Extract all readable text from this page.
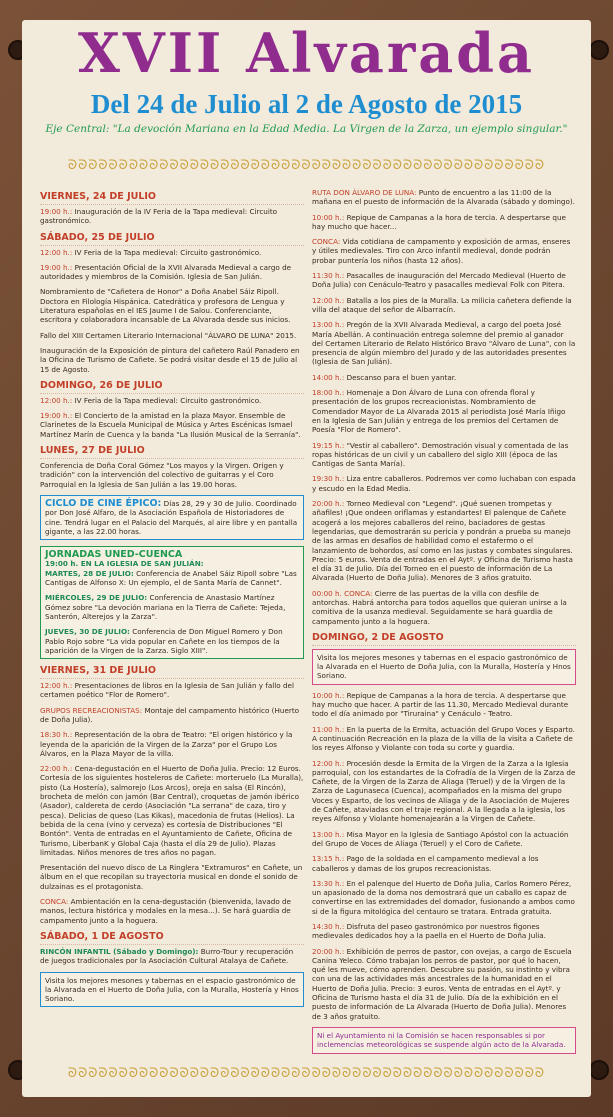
XVII Alvarada
Del 24 de Julio al 2 de Agosto de 2015
Eje Central: "La devoción Mariana en la Edad Media. La Virgen de la Zarza, un ejemplo singular."
ᘐᘐᘐᘐᘐᘐᘐᘐᘐᘐᘐᘐᘐᘐᘐᘐᘐᘐᘐᘐᘐᘐᘐᘐᘐᘐᘐᘐᘐᘐᘐᘐᘐᘐᘐᘐᘐᘐᘐᘐᘐᘐᘐᘐᘐᘐᘐ
VIERNES, 24 DE JULIO
19:00 h.: Inauguración de la IV Feria de la Tapa medieval: Circuito gastronómico.
SÁBADO, 25 DE JULIO
12:00 h.: IV Feria de la Tapa medieval: Circuito gastronómico.
19:00 h.: Presentación Oficial de la XVII Alvarada Medieval a cargo de autoridades y miembros de la Comisión. Iglesia de San Julián.
Nombramiento de "Cañetera de Honor" a Doña Anabel Sáiz Ripoll. Doctora en Filología Hispánica. Catedrática y profesora de Lengua y Literatura españolas en el IES Jaume I de Salou. Conferenciante, escritora y colaboradora incansable de La Alvarada desde sus inicios.
Fallo del XIII Certamen Literario Internacional "ÁLVARO DE LUNA" 2015.
Inauguración de la Exposición de pintura del cañetero Raúl Panadero en la Oficina de Turismo de Cañete. Se podrá visitar desde el 15 de Julio al 15 de Agosto.
DOMINGO, 26 DE JULIO
12:00 h.: IV Feria de la Tapa medieval: Circuito gastronómico.
19:00 h.: El Concierto de la amistad en la plaza Mayor. Ensemble de Clarinetes de la Escuela Municipal de Música y Artes Escénicas Ismael Martínez Marín de Cuenca y la banda "La Ilusión Musical de la Serranía".
LUNES, 27 DE JULIO
Conferencia de Doña Coral Gómez "Los mayos y la Virgen. Origen y tradición" con la intervención del colectivo de guitarras y el Coro Parroquial en la Iglesia de San Julián a las 19.00 horas.
CICLO DE CINE ÉPICO: Días 28, 29 y 30 de Julio. Coordinado por Don José Alfaro, de la Asociación Española de Historiadores de cine. Tendrá lugar en el Palacio del Marqués, al aire libre y en pantalla gigante, a las 22.00 horas.
JORNADAS UNED-CUENCA
19:00 h. EN LA IGLESIA DE SAN JULIÁN:
MARTES, 28 DE JULIO: Conferencia de Anabel Sáiz Ripoll sobre "Las Cantigas de Alfonso X: Un ejemplo, el de Santa María de Cannet".
MIÉRCOLES, 29 DE JULIO: Conferencia de Anastasio Martínez Gómez sobre "La devoción mariana en la Tierra de Cañete: Tejeda, Santerón, Alterejos y la Zarza".
JUEVES, 30 DE JULIO: Conferencia de Don Miguel Romero y Don Pablo Rojo sobre "La vida popular en Cañete en los tiempos de la aparición de la Virgen de la Zarza. Siglo XIII".
VIERNES, 31 DE JULIO
12:00 h.: Presentaciones de libros en la Iglesia de San Julián y fallo del certamen poético "Flor de Romero".
GRUPOS RECREACIONISTAS: Montaje del campamento histórico (Huerto de Doña Julia).
18:30 h.: Representación de la obra de Teatro: "El origen histórico y la leyenda de la aparición de la Virgen de la Zarza" por el Grupo Los Álvaros, en la Plaza Mayor de la villa.
22:00 h.: Cena-degustación en el Huerto de Doña Julia. Precio: 12 Euros. Cortesía de los siguientes hosteleros de Cañete: morteruelo (La Muralla), pisto (La Hostería), salmorejo (Los Arcos), oreja en salsa (El Rincón), brocheta de melón con jamón (Bar Central), croquetas de jamón ibérico (Asador), caldereta de cerdo (Asociación "La serrana" de caza, tiro y pesca). Delicias de queso (Las Kikas), macedonia de frutas (Helios). La bebida de la cena (vino y cerveza) es cortesía de Distribuciones "El Bontón". Venta de entradas en el Ayuntamiento de Cañete, Oficina de Turismo, LiberbanK y Global Caja (hasta el día 29 de Julio). Plazas limitadas. Niños menores de tres años no pagan.
Presentación del nuevo disco de La Ringlera "Extramuros" en Cañete, un álbum en el que recopilan su trayectoria musical en donde el sonido de dulzainas es el protagonista.
CONCA: Ambientación en la cena-degustación (bienvenida, lavado de manos, lectura histórica y modales en la mesa...). Se hará guardia de campamento junto a la hoguera.
SÁBADO, 1 DE AGOSTO
RINCÓN INFANTIL (Sábado y Domingo): Burro-Tour y recuperación de juegos tradicionales por la Asociación Cultural Atalaya de Cañete.
Visita los mejores mesones y tabernas en el espacio gastronómico de la Alvarada en el Huerto de Doña Julia, con la Muralla, Hostería y Hnos Soriano.
RUTA DON ÁLVARO DE LUNA: Punto de encuentro a las 11:00 de la mañana en el puesto de información de la Alvarada (sábado y domingo).
10:00 h.: Repique de Campanas a la hora de tercia. A despertarse que hay mucho que hacer...
CONCA: Vida cotidiana de campamento y exposición de armas, enseres y útiles medievales. Tiro con Arco infantil medieval, donde podrán probar puntería los niños (hasta 12 años).
11:30 h.: Pasacalles de inauguración del Mercado Medieval (Huerto de Doña Julia) con Cenáculo-Teatro y pasacalles medieval Folk con Pitera.
12:00 h.: Batalla a los pies de la Muralla. La milicia cañetera defiende la villa del ataque del señor de Albarracín.
13:00 h.: Pregón de la XVII Alvarada Medieval, a cargo del poeta José María Abellán. A continuación entrega solemne del premio al ganador del Certamen Literario de Relato Histórico Bravo "Álvaro de Luna", con la presencia de algún miembro del Jurado y de las autoridades presentes (Iglesia de San Julián).
14:00 h.: Descanso para el buen yantar.
18:00 h.: Homenaje a Don Álvaro de Luna con ofrenda floral y presentación de los grupos recreacionistas. Nombramiento de Comendador Mayor de La Alvarada 2015 al periodista José María Iñigo en la Iglesia de San Julián y entrega de los premios del Certamen de Poesía "Flor de Romero".
19:15 h.: "Vestir al caballero". Demostración visual y comentada de las ropas históricas de un civil y un caballero del siglo XIII (época de las Cantigas de Santa María).
19:30 h.: Liza entre caballeros. Podremos ver como luchaban con espada y escudo en la Edad Media.
20:00 h.: Torneo Medieval con "Legend". ¡Qué suenen trompetas y añafiles! ¡Que ondeen oriflamas y estandartes! El palenque de Cañete acogerá a los mejores caballeros del reino, baciadores de gestas legendarias, que demostrarán su pericia y pondrán a prueba su manejo de las armas en desafíos de habilidad como el estafermo o el lanzamiento de bohordos, así como en las justas y combates singulares. Precio: 5 euros. Venta de entradas en el Aytº. y Oficina de Turismo hasta el día 31 de Julio. Día del Torneo en el puesto de información de La Alvarada (Huerto de Doña Julia). Menores de 3 años gratuito.
00:00 h. CONCA: Cierre de las puertas de la villa con desfile de antorchas. Habrá antorcha para todos aquellos que quieran unirse a la comitiva de la usanza medieval. Seguidamente se hará guardia de campamento junto a la hoguera.
DOMINGO, 2 DE AGOSTO
Visita los mejores mesones y tabernas en el espacio gastronómico de la Alvarada en el Huerto de Doña Julia, con la Muralla, Hostería y Hnos Soriano.
10:00 h.: Repique de Campanas a la hora de tercia. A despertarse que hay mucho que hacer. A partir de las 11.30, Mercado Medieval durante todo el día animado por "Tiruraina" y Cenáculo - Teatro.
11:00 h.: En la puerta de la Ermita, actuación del Grupo Voces y Esparto. A continuación Recreación en la plaza de la villa de la visita a Cañete de los reyes Alfonso y Violante con toda su corte y guardia.
12:00 h.: Procesión desde la Ermita de la Virgen de la Zarza a la Iglesia parroquial, con los estandartes de la Cofradía de la Virgen de la Zarza de Cañete, de la Virgen de la Zarza de Aliaga (Teruel) y de la Virgen de la Zarza de Lagunaseca (Cuenca), acompañados en la misma del grupo Voces y Esparto, de los vecinos de Aliaga y de la Asociación de Mujeres de Cañete, ataviadas con el traje regional. A la llegada a la iglesia, los reyes Alfonso y Violante homenajearán a la Virgen de Cañete.
13:00 h.: Misa Mayor en la Iglesia de Santiago Apóstol con la actuación del Grupo de Voces de Aliaga (Teruel) y el Coro de Cañete.
13:15 h.: Pago de la soldada en el campamento medieval a los caballeros y damas de los grupos recreacionistas.
13:30 h.: En el palenque del Huerto de Doña Julia, Carlos Romero Pérez, un apasionado de la doma nos demostrará que un caballo es capaz de convertirse en las extremidades del domador, fusionando a ambos como si de la figura mitológica del centauro se tratara. Entrada gratuita.
14:30 h.: Disfruta del paseo gastronómico por nuestros figones medievales dedicados hoy a la paella en el Huerto de Doña Julia.
20:00 h.: Exhibición de perros de pastor, con ovejas, a cargo de Escuela Canina Yeleco. Cómo trabajan los perros de pastor, por qué lo hacen, qué les mueve, cómo aprenden. Descubre su pasión, su instinto y vibra con una de las actividades más ancestrales de la humanidad en el Huerto de Doña Julia. Precio: 3 euros. Venta de entradas en el Aytº. y Oficina de Turismo hasta el día 31 de Julio. Día de la exhibición en el puesto de información de La Alvarada (Huerto de Doña Julia). Menores de 3 años gratuito.
Ni el Ayuntamiento ni la Comisión se hacen responsables si por inclemencias meteorológicas se suspende algún acto de la Alvarada.
ᘐᘐᘐᘐᘐᘐᘐᘐᘐᘐᘐᘐᘐᘐᘐᘐᘐᘐᘐᘐᘐᘐᘐᘐᘐᘐᘐᘐᘐᘐᘐᘐᘐᘐᘐᘐᘐᘐᘐᘐᘐᘐᘐᘐᘐᘐᘐ
